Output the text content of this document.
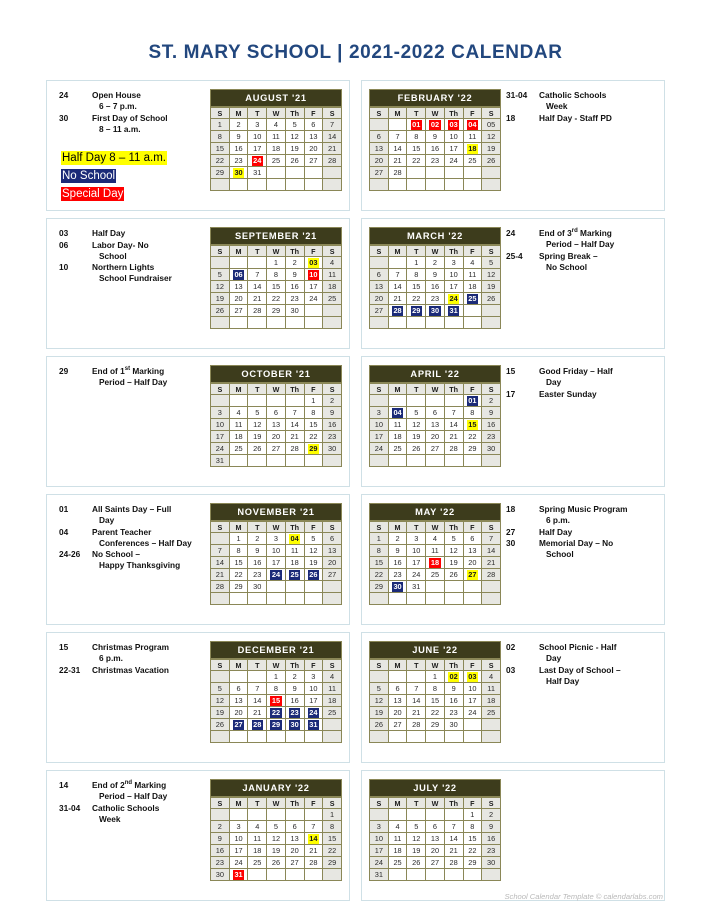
ST. MARY SCHOOL | 2021-2022 CALENDAR
24	Open House
6 – 7 p.m.
30	First Day of School
8 – 11 a.m.
Half Day 8 – 11 a.m.
No School
Special Day
AUGUST '21
S	M	T	W	Th	F	S
1	2	3	4	5	6	7
8	9	10	11	12	13	14
15	16	17	18	19	20	21
22	23	24	25	26	27	28
29	30	31				

FEBRUARY '22
S	M	T	W	Th	F	S
		01	02	03	04	05
6	7	8	9	10	11	12
13	14	15	16	17	18	19
20	21	22	23	24	25	26
27	28					

31-04	Catholic Schools
Week
18	Half Day - Staff PD
03	Half Day
06	Labor Day- No
School
10	Northern Lights
School Fundraiser
SEPTEMBER '21
S	M	T	W	Th	F	S
			1	2	03	4
5	06	7	8	9	10	11
12	13	14	15	16	17	18
19	20	21	22	23	24	25
26	27	28	29	30		

MARCH '22
S	M	T	W	Th	F	S
		1	2	3	4	5
6	7	8	9	10	11	12
13	14	15	16	17	18	19
20	21	22	23	24	25	26
27	28	29	30	31		

24	End of 3rd Marking
Period – Half Day
25-4	Spring Break –
No School
29	End of 1st Marking
Period – Half Day
OCTOBER '21
S	M	T	W	Th	F	S
					1	2
3	4	5	6	7	8	9
10	11	12	13	14	15	16
17	18	19	20	21	22	23
24	25	26	27	28	29	30
31						
APRIL '22
S	M	T	W	Th	F	S
					01	2
3	04	5	6	7	8	9
10	11	12	13	14	15	16
17	18	19	20	21	22	23
24	25	26	27	28	29	30

15	Good Friday – Half
Day
17	Easter Sunday
01	All Saints Day – Full
Day
04	Parent Teacher
Conferences – Half Day
24-26	No School –
Happy Thanksgiving
NOVEMBER '21
S	M	T	W	Th	F	S
	1	2	3	04	5	6
7	8	9	10	11	12	13
14	15	16	17	18	19	20
21	22	23	24	25	26	27
28	29	30				

MAY '22
S	M	T	W	Th	F	S
1	2	3	4	5	6	7
8	9	10	11	12	13	14
15	16	17	18	19	20	21
22	23	24	25	26	27	28
29	30	31				

18	Spring Music Program
6 p.m.
27	Half Day
30	Memorial Day – No
School
15	Christmas Program
6 p.m.
22-31	Christmas Vacation
DECEMBER '21
S	M	T	W	Th	F	S
			1	2	3	4
5	6	7	8	9	10	11
12	13	14	15	16	17	18
19	20	21	22	23	24	25
26	27	28	29	30	31	

JUNE '22
S	M	T	W	Th	F	S
			1	02	03	4
5	6	7	8	9	10	11
12	13	14	15	16	17	18
19	20	21	22	23	24	25
26	27	28	29	30		

02	School Picnic - Half
Day
03	Last Day of School –
Half Day
14	End of 2nd Marking
Period – Half Day
31-04	Catholic Schools
Week
JANUARY '22
S	M	T	W	Th	F	S
						1
2	3	4	5	6	7	8
9	10	11	12	13	14	15
16	17	18	19	20	21	22
23	24	25	26	27	28	29
30	31					
JULY '22
S	M	T	W	Th	F	S
					1	2
3	4	5	6	7	8	9
10	11	12	13	14	15	16
17	18	19	20	21	22	23
24	25	26	27	28	29	30
31						
School Calendar Template © calendarlabs.com
